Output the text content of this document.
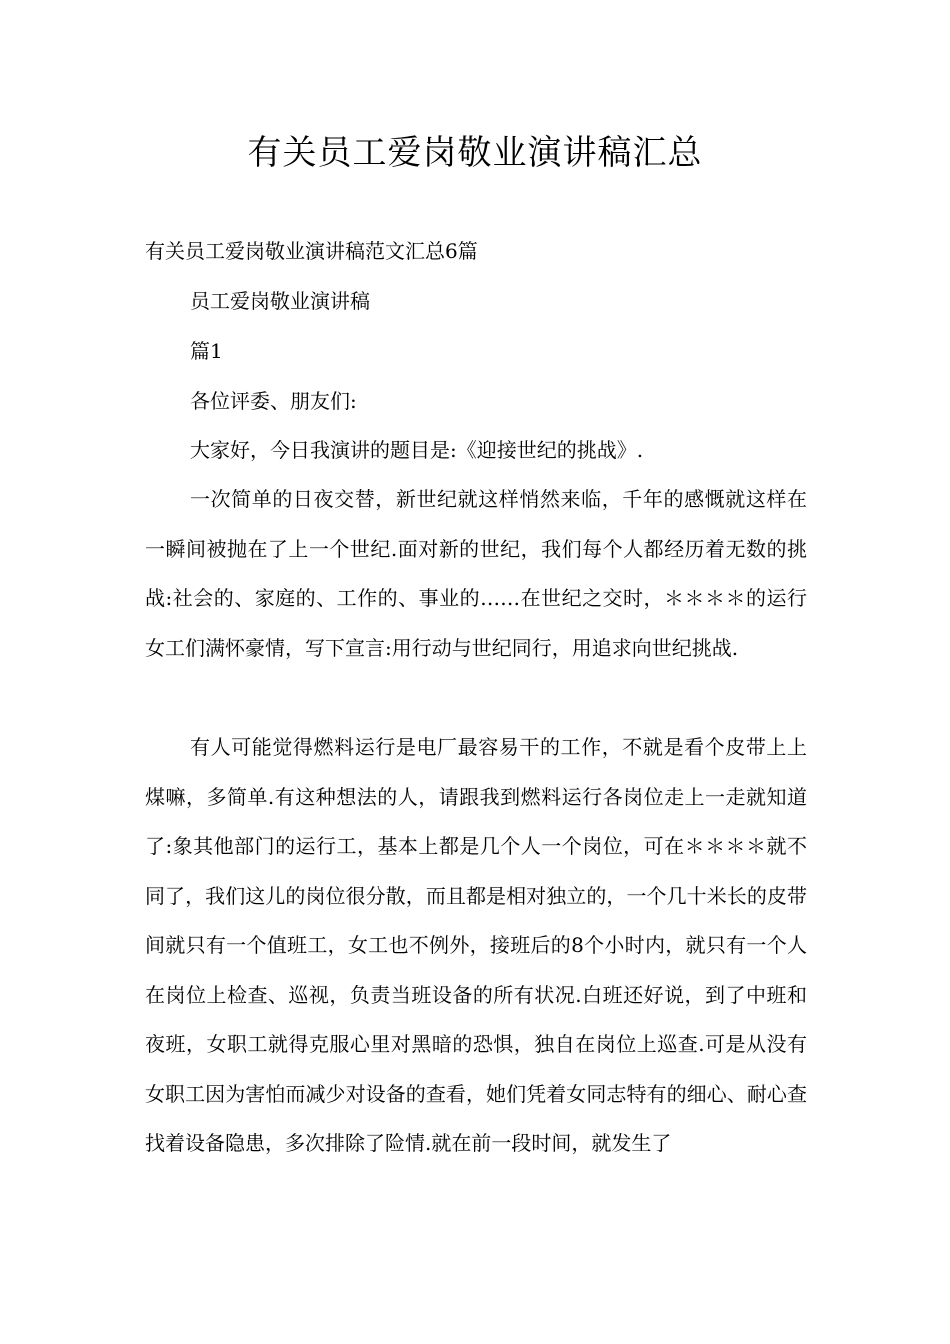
有关员工爱岗敬业演讲稿汇总
有关员工爱岗敬业演讲稿范文汇总6篇
员工爱岗敬业演讲稿
篇1
各位评委、朋友们:
大家好，今日我演讲的题目是:《迎接世纪的挑战》.

一次简单的日夜交替，新世纪就这样悄然来临，千年的感慨就这样在一瞬间被抛在了上一个世纪.面对新的世纪，我们每个人都经历着无数的挑战:社会的、家庭的、工作的、事业的……在世纪之交时，＊＊＊＊的运行女工们满怀豪情，写下宣言:用行动与世纪同行，用追求向世纪挑战.

有人可能觉得燃料运行是电厂最容易干的工作，不就是看个皮带上上煤嘛，多简单.有这种想法的人，请跟我到燃料运行各岗位走上一走就知道了:象其他部门的运行工，基本上都是几个人一个岗位，可在＊＊＊＊就不同了，我们这儿的岗位很分散，而且都是相对独立的，一个几十米长的皮带间就只有一个值班工，女工也不例外，接班后的8个小时内，就只有一个人在岗位上检查、巡视，负责当班设备的所有状况.白班还好说，到了中班和夜班，女职工就得克服心里对黑暗的恐惧，独自在岗位上巡查.可是从没有女职工因为害怕而减少对设备的查看，她们凭着女同志特有的细心、耐心查找着设备隐患，多次排除了险情.就在前一段时间，就发生了
